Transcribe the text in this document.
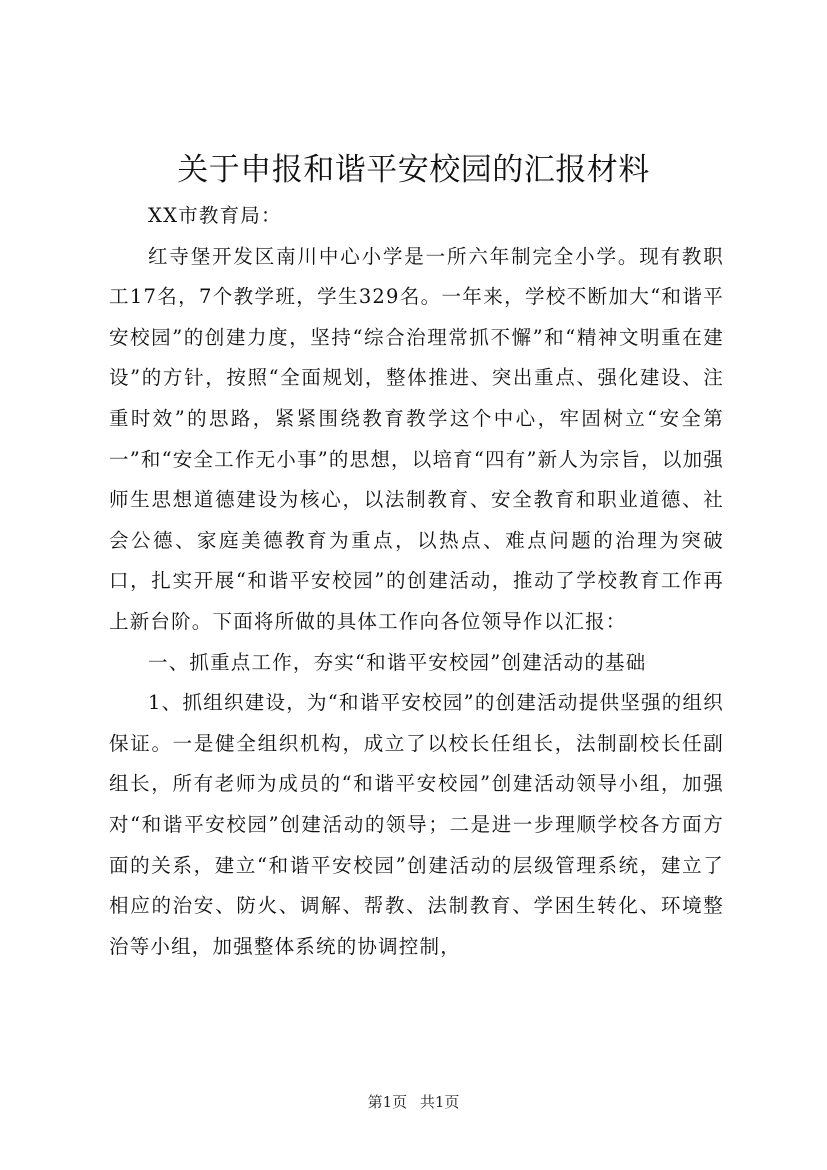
关于申报和谐平安校园的汇报材料

XX市教育局：

红寺堡开发区南川中心小学是一所六年制完全小学。现有教职工17名，7个教学班，学生329名。一年来，学校不断加大“和谐平安校园”的创建力度，坚持“综合治理常抓不懈”和“精神文明重在建设”的方针，按照“全面规划，整体推进、突出重点、强化建设、注重时效”的思路，紧紧围绕教育教学这个中心，牢固树立“安全第一”和“安全工作无小事”的思想，以培育“四有”新人为宗旨，以加强师生思想道德建设为核心，以法制教育、安全教育和职业道德、社会公德、家庭美德教育为重点，以热点、难点问题的治理为突破口，扎实开展“和谐平安校园”的创建活动，推动了学校教育工作再上新台阶。下面将所做的具体工作向各位领导作以汇报：

一、抓重点工作，夯实“和谐平安校园”创建活动的基础

1、抓组织建设，为“和谐平安校园”的创建活动提供坚强的组织保证。一是健全组织机构，成立了以校长任组长，法制副校长任副组长，所有老师为成员的“和谐平安校园”创建活动领导小组，加强对“和谐平安校园”创建活动的领导；二是进一步理顺学校各方面方面的关系，建立“和谐平安校园”创建活动的层级管理系统，建立了相应的治安、防火、调解、帮教、法制教育、学困生转化、环境整治等小组，加强整体系统的协调控制，

第1页 共1页
